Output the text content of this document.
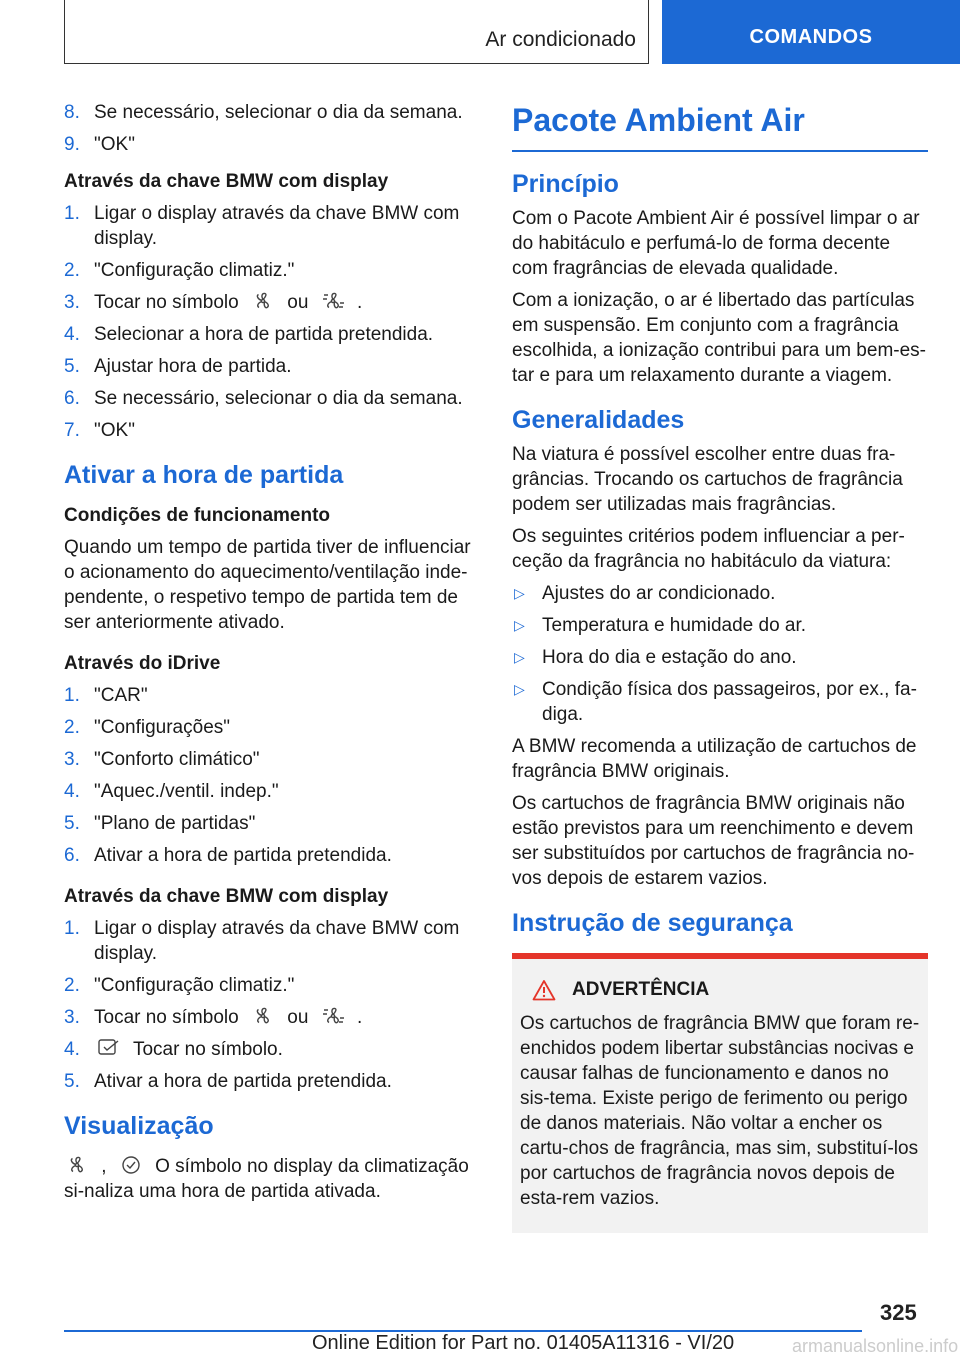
Ar condicionado	COMANDOS
8. Se necessário, selecionar o dia da semana.
9. "OK"
Através da chave BMW com display
1. Ligar o display através da chave BMW com display.
2. "Configuração climatiz."
3. Tocar no símbolo	ou	.
4. Selecionar a hora de partida pretendida.
5. Ajustar hora de partida.
6. Se necessário, selecionar o dia da semana.
7. "OK"
Ativar a hora de partida
Condições de funcionamento
Quando um tempo de partida tiver de influenciar o acionamento do aquecimento/ventilação inde-pendente, o respetivo tempo de partida tem de ser anteriormente ativado.
Através do iDrive
1. "CAR"
2. "Configurações"
3. "Conforto climático"
4. "Aquec./ventil. indep."
5. "Plano de partidas"
6. Ativar a hora de partida pretendida.
Através da chave BMW com display
1. Ligar o display através da chave BMW com display.
2. "Configuração climatiz."
3. Tocar no símbolo	ou	.
4.	Tocar no símbolo.
5. Ativar a hora de partida pretendida.
Visualização
,	O símbolo no display da climatização si-naliza uma hora de partida ativada.
Pacote Ambient Air
Princípio
Com o Pacote Ambient Air é possível limpar o ar do habitáculo e perfumá-lo de forma decente com fragrâncias de elevada qualidade.
Com a ionização, o ar é libertado das partículas em suspensão. Em conjunto com a fragrância escolhida, a ionização contribui para um bem-es-tar e para um relaxamento durante a viagem.
Generalidades
Na viatura é possível escolher entre duas fra-grâncias. Trocando os cartuchos de fragrância podem ser utilizadas mais fragrâncias.
Os seguintes critérios podem influenciar a per-ceção da fragrância no habitáculo da viatura:
▷ Ajustes do ar condicionado.
▷ Temperatura e humidade do ar.
▷ Hora do dia e estação do ano.
▷ Condição física dos passageiros, por ex., fa-diga.
A BMW recomenda a utilização de cartuchos de fragrância BMW originais.
Os cartuchos de fragrância BMW originais não estão previstos para um reenchimento e devem ser substituídos por cartuchos de fragrância no-vos depois de estarem vazios.
Instrução de segurança
ADVERTÊNCIA
Os cartuchos de fragrância BMW que foram re-enchidos podem libertar substâncias nocivas e causar falhas de funcionamento e danos no sis-tema. Existe perigo de ferimento ou perigo de danos materiais. Não voltar a encher os cartu-chos de fragrância, mas sim, substituí-los por cartuchos de fragrância novos depois de esta-rem vazios.
325
Online Edition for Part no. 01405A11316 - VI/20	armanualsonline.info
